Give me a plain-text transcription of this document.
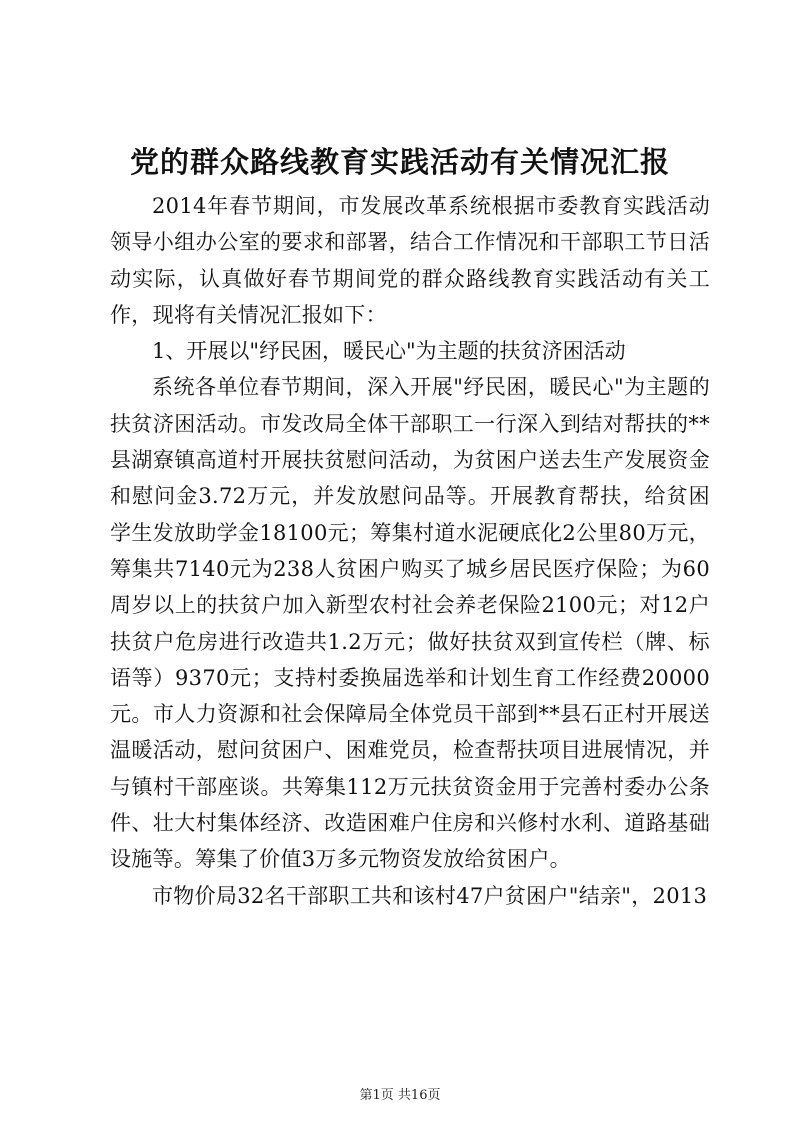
党的群众路线教育实践活动有关情况汇报

2014年春节期间，市发展改革系统根据市委教育实践活动领导小组办公室的要求和部署，结合工作情况和干部职工节日活动实际，认真做好春节期间党的群众路线教育实践活动有关工作，现将有关情况汇报如下：

1、开展以"纾民困，暖民心"为主题的扶贫济困活动

系统各单位春节期间，深入开展"纾民困，暖民心"为主题的扶贫济困活动。市发改局全体干部职工一行深入到结对帮扶的**县湖寮镇高道村开展扶贫慰问活动，为贫困户送去生产发展资金和慰问金3.72万元，并发放慰问品等。开展教育帮扶，给贫困学生发放助学金18100元；筹集村道水泥硬底化2公里80万元，筹集共7140元为238人贫困户购买了城乡居民医疗保险；为60周岁以上的扶贫户加入新型农村社会养老保险2100元；对12户扶贫户危房进行改造共1.2万元；做好扶贫双到宣传栏（牌、标语等）9370元；支持村委换届选举和计划生育工作经费20000元。市人力资源和社会保障局全体党员干部到**县石正村开展送温暖活动，慰问贫困户、困难党员，检查帮扶项目进展情况，并与镇村干部座谈。共筹集112万元扶贫资金用于完善村委办公条件、壮大村集体经济、改造困难户住房和兴修村水利、道路基础设施等。筹集了价值3万多元物资发放给贫困户。

市物价局32名干部职工共和该村47户贫困户"结亲"，2013

第1页 共16页
